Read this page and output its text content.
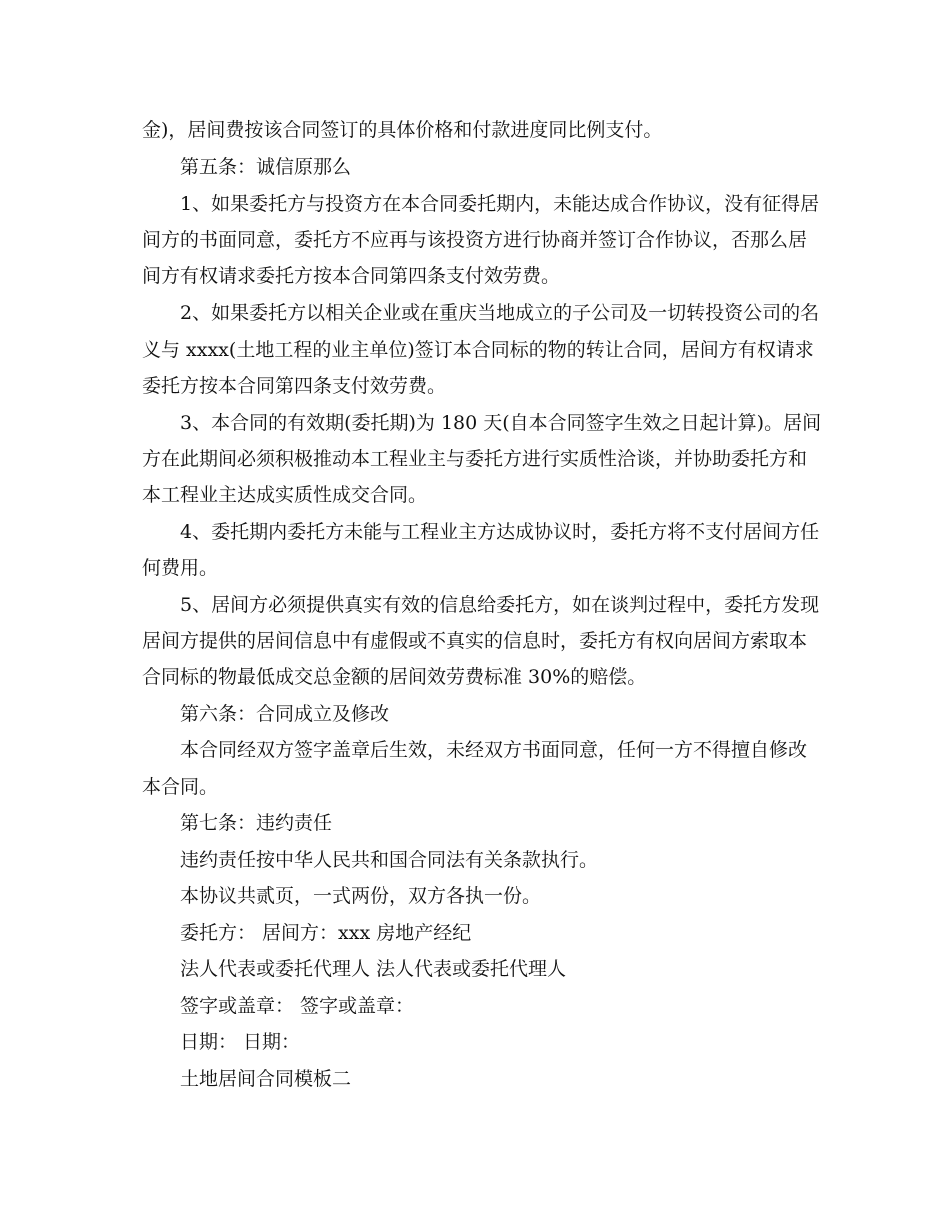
金)，居间费按该合同签订的具体价格和付款进度同比例支付。

第五条：诚信原那么

1、如果委托方与投资方在本合同委托期内，未能达成合作协议，没有征得居

间方的书面同意，委托方不应再与该投资方进行协商并签订合作协议，否那么居

间方有权请求委托方按本合同第四条支付效劳费。

2、如果委托方以相关企业或在重庆当地成立的子公司及一切转投资公司的名

义与 xxxx(土地工程的业主单位)签订本合同标的物的转让合同，居间方有权请求

委托方按本合同第四条支付效劳费。

3、本合同的有效期(委托期)为 180 天(自本合同签字生效之日起计算)。居间

方在此期间必须积极推动本工程业主与委托方进行实质性洽谈，并协助委托方和

本工程业主达成实质性成交合同。

4、委托期内委托方未能与工程业主方达成协议时，委托方将不支付居间方任

何费用。

5、居间方必须提供真实有效的信息给委托方，如在谈判过程中，委托方发现

居间方提供的居间信息中有虚假或不真实的信息时，委托方有权向居间方索取本

合同标的物最低成交总金额的居间效劳费标准 30%的赔偿。

第六条：合同成立及修改

本合同经双方签字盖章后生效，未经双方书面同意，任何一方不得擅自修改

本合同。

第七条：违约责任

违约责任按中华人民共和国合同法有关条款执行。

本协议共贰页，一式两份，双方各执一份。

委托方： 居间方：xxx 房地产经纪

法人代表或委托代理人 法人代表或委托代理人

签字或盖章： 签字或盖章：

日期： 日期：

土地居间合同模板二
